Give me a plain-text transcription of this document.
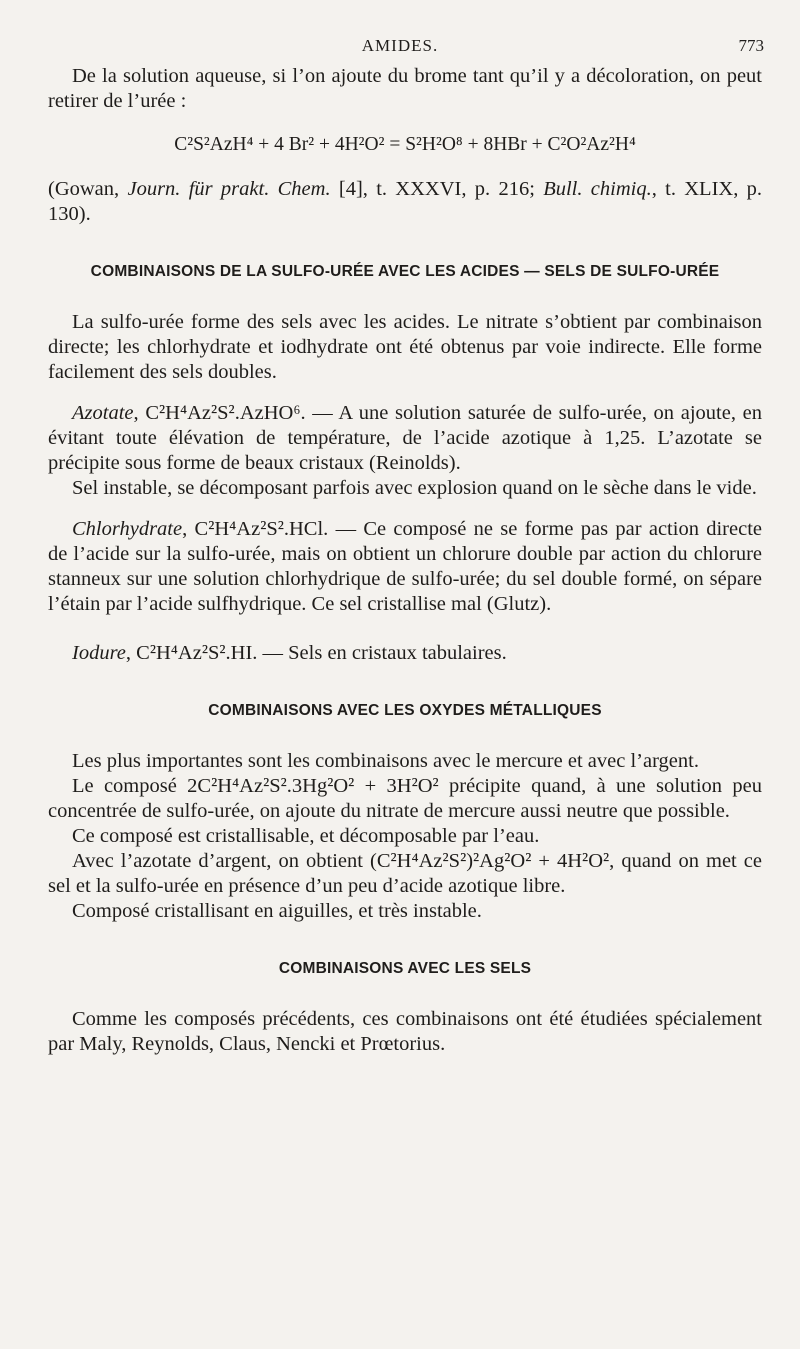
AMIDES.	773

De la solution aqueuse, si l’on ajoute du brome tant qu’il y a décoloration, on peut retirer de l’urée :

C²S²AzH⁴ + 4 Br² + 4H²O² = S²H²O⁸ + 8HBr + C²O²Az²H⁴

(Gowan, Journ. für prakt. Chem. [4], t. XXXVI, p. 216; Bull. chimiq., t. XLIX, p. 130).

COMBINAISONS DE LA SULFO-URÉE AVEC LES ACIDES — SELS DE SULFO-URÉE

La sulfo-urée forme des sels avec les acides. Le nitrate s’obtient par combinaison directe; les chlorhydrate et iodhydrate ont été obtenus par voie indirecte. Elle forme facilement des sels doubles.

Azotate, C²H⁴Az²S².AzHO⁶. — A une solution saturée de sulfo-urée, on ajoute, en évitant toute élévation de température, de l’acide azotique à 1,25. L’azotate se précipite sous forme de beaux cristaux (Reinolds).

Sel instable, se décomposant parfois avec explosion quand on le sèche dans le vide.

Chlorhydrate, C²H⁴Az²S².HCl. — Ce composé ne se forme pas par action directe de l’acide sur la sulfo-urée, mais on obtient un chlorure double par action du chlorure stanneux sur une solution chlorhydrique de sulfo-urée; du sel double formé, on sépare l’étain par l’acide sulfhydrique. Ce sel cristallise mal (Glutz).

Iodure, C²H⁴Az²S².HI. — Sels en cristaux tabulaires.

COMBINAISONS AVEC LES OXYDES MÉTALLIQUES

Les plus importantes sont les combinaisons avec le mercure et avec l’argent.

Le composé 2C²H⁴Az²S².3Hg²O² + 3H²O² précipite quand, à une solution peu concentrée de sulfo-urée, on ajoute du nitrate de mercure aussi neutre que possible.

Ce composé est cristallisable, et décomposable par l’eau.

Avec l’azotate d’argent, on obtient (C²H⁴Az²S²)²Ag²O² + 4H²O², quand on met ce sel et la sulfo-urée en présence d’un peu d’acide azotique libre.

Composé cristallisant en aiguilles, et très instable.

COMBINAISONS AVEC LES SELS

Comme les composés précédents, ces combinaisons ont été étudiées spécialement par Maly, Reynolds, Claus, Nencki et Prœtorius.
